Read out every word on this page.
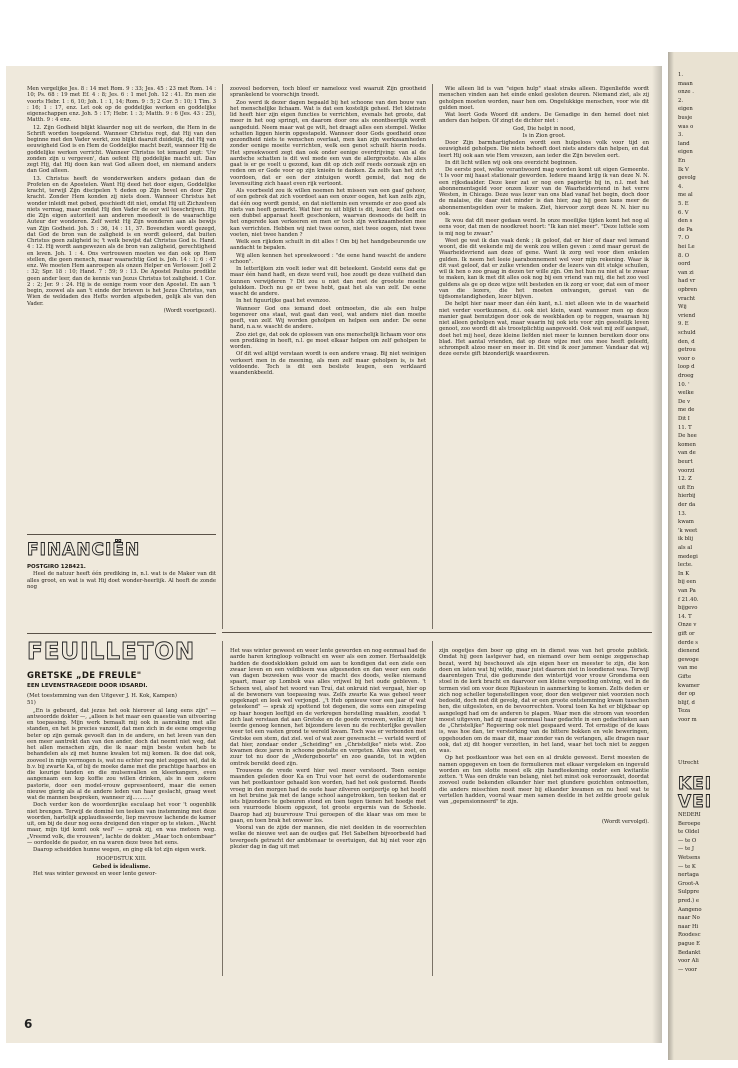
Men vergelijke Jes. 8 : 14 met Rom. 9 : 33; Jes. 45 : 23 met Rom. 14 : 10; Ps. 68 : 19 met Ef. 4 : 8; Jes. 6 : 1 met Joh. 12 : 41. En men zie voorts Hebr. 1 : 6, 10; Joh. 1 : 1, 14; Rom. 9 : 5; 2 Cor. 5 : 10; 1 Tim. 3 : 16; 1 : 17, enz. Let ook op de goddelijke werken en goddelijke eigenschappen enz. Joh. 5 : 17; Hebr. 1 : 3; Matth. 9 : 6 (Jes. 43 : 25), Matth. 9 : 4 enz.

12. Zijn Godheid blijkt klaarder nog uit de werken, die Hem in de Schrift worden toegekend. Wanneer Christus regt, dat Hij van den beginne met den Vader werkt, zoo blijkt daaruit duidelijk, dat Hij van eeuwigheid God is en Hem de Goddelijke macht bezit, wanneer Hij de goddelijke werken verricht. Wanneer Christus tot iemand zegt: 'Uw zonden zijn u vergeven', dan oefent Hij goddelijke macht uit. Dan zegt Hij, dat Hij doen kan wat God alleen doet, en niemand anders dan God alleen.

13. Christus heeft de wonderwerken anders gedaan dan de Profeten en de Apostelen. Want Hij deed het door eigen, Goddelijke kracht, terwijl Zijn discipelen 't deden op Zijn bevel en door Zijn kracht. Zonder Hem konden zij niets doen. Wanneer Christus het wonder inleidt met gebed, geschiedt dit niet, omdat Hij uit Zichzelven niets vermag, maar omdat Hij den Vader de eer wil toeschrijven. Hij die Zijn eigen autoriteit aan anderen meedeelt is de waarachtige Auteur der wonderen. Zelf werkt Hij Zijn wonderen aan als bewijs van Zijn Godheid. Joh. 5 : 36, 14 : 11, 37. Bovendien wordt gezegd, dat God de bron van de zaligheid is en wordt geleerd, dat buiten Christus geen zaligheid is; 't welk bewijst dat Christus God is. Hand. 4 : 12. Hij wordt aangewezen als de bron van zaligheid, gerechtigheid en leven. Joh. 1 : 4. Ons vertrouwen moeten we dan ook op Hem stellen, die geen mensch, maar waarachtig God is. Joh. 14 : 1; 6 : 47 enz. We moeten Hem aanroepen als onzen Helper en Verlosser. Joël 2 : 32; Spr. 18 : 10; Hand. 7 : 59; 9 : 13. De Apostel Paulus predikte geen ander leer, dan de kennis van Jezus Christus tot zaligheid. 1 Cor. 2 : 2; Jer. 9 : 24. Hij is de eenige roem voor den Apostel. En aan 't begin, zoowel als aan 't einde der brieven is het Jezus Christus, van Wien de weldaden des Hefts worden afgebeden, gelijk als van den Vader.

(Wordt voortgezet).

FINANCIËN

POSTGIRO 128421.

Heel de natuur heeft één prediking in, n.l. wat is de Maker van dit alles groot, en wat is wat Hij doet wonder-heerlijk. Al heeft de zonde nog

FEUILLETON
GRETSKE „DE FREULE"
EEN LEVENSTRAGEDIE DOOR IDSARDI.

(Met toestemming van den Uitgever J. H. Kok, Kampen)

51)

„En is gebeurd, dat jezus het ook hierover al lang eens zijn" — antwoordde dokter —, „alleen is het maar een quaestie van uitvoering en toepassing. Mijn werk bemaalt mij ook in aanraking met alle standen, en het is precies vanzelf, dat men zich in de eene omgeving beter op zijn gemak gevoelt dan in de andere, en het leven van den een meer aantrekt dan van den ander, doch dat neemt niet weg, dat het allen menschen zijn, die ik naar mijn beste weten heb te behandelen als zij met hunne kwalen tot mij komen. Ik doe dat ook, zooveel in mijn vermogen is, wat nu echter nog niet zeggen wil, dat ik b.v. bij zwarte Ka, of bij de moeke dame met die prachtige haarbos en die keurige tanden en die mulsenvallen en kleerkangers, even aangenaam een kop koffie zou willen drinken, als in een zekere pastorie, door een model-vrouw gepresenteerd, maar die eenen nieuwe gierig als al de andere leden van haar geslacht, graag weet wat de mannen bespreken, wanneer zij..........."

Doch verder kon de woordenrijke esculaap het voor 't oogenblik niet brengen. Terwijl de dominé ten teeken van instemming met deze woorden, hartelijk applaudisseerde, liep mevrouw lachende de kamer uit, om bij de deur nog eens dreigend den vinger op te steken. „Wacht maar, mijn tijd komt ook wel" — sprak zij, en was meteen weg. „Vreemd volk, die vrouwen", lachte de dokter. „Maar toch ontembaar" — oordeelde de pastor, en na waren deze twee het eens.

Daarop scheidden hunne wegen, en ging elk tot zijn eigen werk.

HOOFDSTUK XIII.

Gebed is idealisme.

Het was winter geweest en weer lente gewor-

zooveel bedorven, toch bleef er namelooz veel waaruit Zijn grootheid sprankelend te voorschijn treedt.

Zoo werd ik dezer dagen bepaald bij het schoone van den bouw van het menschelijke lichaam. Wat is dat een kostelijk geheel. Het kleinste lid heeft hier zijn eigen functies te verrichten, evenals het groote, dat meer in het oog springt, en daarom door ons als onontbeerlijk wordt aangeduid. Neem maar wat ge wilt, het draagt alles een stempel. Welke schatten liggen hierin opgestapeld. Wanneer door Gods goedheid onze gezondheid niets te wenschen overlaat, men kan zijn werkzaamheden zonder eenige moeite verrichten, welk een genot schuilt hierin reeds. Het spreekwoord zegt dan ook onder eenige overdrijving: van al de aardsche schatten is dit wel mede een van de allergrootste. Als alles gaat is er ge voelt u gezond, kan dit op zich zelf reeds oorzaak zijn en reden om er Gode voor op zijn knieën te danken. Za zelfs kan het zich voordoen, dat er een der zintuigen wordt gemist, dat nog de levensuiting zich haast even rijk vertoont.

Als voorbeeld zou ik willen noemen het missen van een gaaf gehoor, of een gebrek dat zich voordoet aan een onzer oogen, het kan zelfs zijn, dat één oog wordt gemist, en dat niettemin een vreemde er zoo goed als niets van heeft gemerkt. Wat hier nu uit blijkt is dit, lezer, dat God ons een dubbel apparaat heeft geschonken, waarvan desnoods de helft in het ongerede kan verkeeren en men er toch zijn werkzaamheden mee kan verrichten. Hebben wij niet twee ooren, niet twee oogen, niet twee voeten, niet twee handen ?

Welk een rijkdom schuilt in dit alles ! Om bij het handgebeurende uw aandacht te bepalen.

Wij allen kennen het spreekwoord : "de eene hand wascht de andere schoon".

In letterlijken zin voelt ieder wat dit beteekent. Gesteld eens dat ge maar één hand hadt, en deze werd vuil, hoe zoudt ge deze vuilheid dan kunnen verwijderen ? Dit zou u niet dan met de grootste moeite gelukken. Doch nu ge er twee hebt, gaat het als van zelf. De eene wascht de andere.

In het figuurlijke gaat het evenzoo.

Wanneer God ons iemand doet ontmoeten, die als een hulpe tegenover ons staat, wat gaat dan veel, wat anders niet dan moeite geeft, van zelf. Wij worden geholpen en helpen een ander. De eene hand, n.a.w. wascht de andere.

Zoo ziet ge, dat ook de oplossen van ons menschelijk lichaam voor ons een prediking in heeft, n.l. ge moet elkaar helpen om zelf geholpen te worden.

Of dit wel altijd verstaan wordt is een andere vraag. Bij niet weinigen verkeert men in de meening, als men zelf maar geholpen is, is het voldoende. Toch is dit een besliste leugen, een verklaard waandenkbeeld.

Het was winter geweest en weer lente geworden en nog eenmaal had de aarde haren kringloop volbracht en weer als een zomer. Herhaaldelijk hadden de doodsklokken geluid om aan te kondigen dat een ziele een zwaar leven en een veldbloem was afgesneden en dan weer een oude van dagen bezweken was voor de macht des doods, welke niemand spaart, maar op Lombok was alles vrijwel bij het oude gebleven. 't Scheen wel, alsof het woord van Truí, dat onkruid niet vergaat, hier op al de bewoners van toepassing was. Zelfs zwarte Ka was geheel weer opgeknapt en leek wel verjongd. „'t Heb opnieuw voor een jaar of wat geteekend" — sprak zij spottend tot degenen, die soms een zinspeling op haar hoogen leeftijd en de verkregen herstelling maakten, zoodat 't zich laat verstaan dat aan Gretske en de goede vrouwen, welke zij hier leerde genoeg kennen, het bijzondere leven nu de rechterlijke gevallen weer tot een vasten grond te wereld kwam. Toch was er verbonden met Gretske een stem, dat ziel. wel of wat zeer gewenscht — verteld werd of dat hier, zondaar onder „Scheiding" en „Christelijke" niets wist. Zoo kwamen deze jaren in schoone gestalte en vergeten. Alles was zoet, en zuur tot nu door de „Wedergeboorte" en zoo gaande, tot in wijden omtrek bereikt deed zijn.

Trouwens de vrede werd hier wel meer verstoord. Toen eenige maanden geleden door Ka en Truí voor het eerst de ouderdomsrente van het postkantoor gehaald kon worden, had het ook gestormd. Reeds vroeg in den morgen had de oude haar zilveren oorijzertje op het hoofd en het bruine jak met de lange school aangetrokken, ten teeken dat er iets bijzonders te gebeuren stond en toen tegen tienen het hoedje met een vuurroode bloem opgezet, tot groote ergernis van de Scheele. Daarop had zij buurvrouw Truí geroepen of die klaar was om mee te gaan, en toen brak het onweer los.

Vooral van de zijde der mannen, die niet deelden in de voorrechten welke de nieuwe wet aan de oudjes gaf. Het Sabelhen bijvoorbeeld had tevergeefs getracht der ambtenaar te overtuigen, dat hij niet voor zijn plezier dag in dag uit met

Wie alleen lid is van "eigen hulp" staat straks alleen. Eigenliefde wordt menschen vinden aan het einde enkel gesloten deuren. Niemand ziet, als zij geholpen moeten worden, naar hen om. Ongelukkige menschen, voor wie dit gulden moet.

Wat leert Gods Woord dit anders. De Genadige in den hemel doet niet anders dan helpen. Of zingt de dichter niet :

God, Die helpt in nood,

Is in Zion groot.

Door Zijn barmhartigheden wordt een hulpeloos volk voor tijd en eeuwigheid geholpen. Die niets behoeft doet niets anders dan helpen, en dat leert Hij ook aan wie Hem vreezen, aan ieder die Zijn bevelen eert.

In dit licht willen wij ook ons overzicht beginnen.

De eerste post, welke verantwoord mag worden komt uit eigen Gemeente. 't Is voor mij haast stationair geworden. Iedere maand krijg ik van deze N. N. een rijksdaalder. Deze keer zat er nog een papiertje bij in, n.l. met het abonnementsgeld voor onzen lezer van de Waarheidsvriend in het verre Westen, in Chicago. Deze was lezer van ons blad vanaf het begin, doch door de malaise, die daar niet minder is dan hier, zag hij geen kans meer de abonnementsgelden over te maken. Ziet, hiervoor zorgt deze N. N. hier nu ook.

Ik wou dat dit meer gedaan werd. In onze moeilijke tijden komt het nog al eens voor, dat men de noodkreet hoort: "Ik kan niet meer". "Deze luttele som is mij nog te zwaar."

Weet ge wat ik dan vaak denk ; ik geloof, dat er hier of daar wel iemand woont, die dit wekende mij de wenk zou willen geven : zend maar gerust de Waarheidsvriend aan deze of gene. Want ik zorg wel voor dien enkelen gulden. Ik neem het leeie jaarabonnement wel voor mijn rekening. Waar ik dit vast geloof, dat er zulke vrienden onder de lezers van dit stukje schuilen, wil ik hen o zoo graag in dezen ter wille zijn. Om het hun nu niet al te zwaar te maken, kan ik met dit alles ook nog bij een vriend van mij, die het zoo veel guldens als ge op deze wijze wilt besteden en ik zorg er voor, dat een of meer van die lezers, die het moeten ontvangen, gerust van de tijdsomstandigheden, lezer blijven.

De helpt hier naar meer dan één kant, n.l. niet alleen wie in de waarheid niet verder voortkunnen, d.i. ook niet klein, want wanneer men op deze manier gaat benutzigen door ook de weekbladen op te reggen, waaraan hij niet alleen geholpen wat, maar waarin hij ook iets voor zijn geestelijk leven genoot, zoo wordt dit als troostplichtig aangevoeld. Ook wat mij zelf aangaat, doet het mij heel, deze kleine liefden niet meer te kunnen bereiken door ons blad. Het aantal vrienden, dat op deze wijze met ons mee heeft geleefd, schrompelt alzoo meer en meer in. Dit vind ik zeer jammer. Vandaar dat wij deze eerste gift bizonderlijk waardeeren.

zijn oogetjes den boer op ging en in dienst was van het groote publiek. Omdat hij geen lastgever had, en niemand over hem eenige zeggenschap bezat, werd hij beschouwd als zijn eigen heer en meester te zijn, die kon doen en laten wat hij wilde, maar juist daarom niet in loondienst was. Terwijl daarentegen Truí, die gedurende den wintertijd voor vrouw Grondsma een stoel in de kerk bracht en daarvoor een kleine vergoeding ontving, wel in de termen viel om voor deze Rijkssteun in aanmerking te komen. Zelfs deden er zich nog scheller tegenstellingen voor, door den wetgever niet voorzien noch bedoeld, doch met dit gevolg, dat er een groote ontstemming kwam tusschen hen, die uitgesloten, en de bevoorrechten. Vooral toen Ka het er blijkbaar op aangelegd had om de anderen te plagen. Waar men die stroom van woorden moest uitgeven, had zij maar eenmaal haar gedachte in een gedachteken aan de „Christelijke" Regeering ook niet gespaard werd. Tot ernstige of de kaas is, was hoe dan, ter versterking van de bittere bokken en vele beweringen, opgehouden om de maar dit, maar zonder van de verlangen, alle dragen naar ook, dat zij dit hooger verzetten, in het land, waar het toch niet te zeggen was.

Op het postkantoor was het een en al drukte geweest. Eerst moesten de namen opgegeven en toen de formulieren met elkaar vergeleken en ingevuld worden en ten slotte moest elk zijn handteekening onder een kwitantie zetten. 't Was een drukte van belang, niet het minst ook veroorzaakt, doordat zooveel oude bekenden elkander hier met glundere gezichten ontmoetten, die anders misschien nooit meer bij elkander kwamen en nu heel wat te vertellen hadden, vooral waar men samen deelde in het zelfde groote geluk van „gepensionneerd" te zijn.

(Wordt vervolgd).

6
1.
maan
onze .
2.
eigen
busje
was o
3.
land
eigen
En
Ik V
gevolg
4.
me al
5. E
6. V
den s
de Pa
7. O
hei Le
8. O
oord
van zi
had vr
opbren
vracht
Wij
vriend
9. E
schuld
den, d
getrou
voor o
loop d
droeg
10. '
welke
De v
me de
Dit I
11. T
De hee
komen
van de
beurt
voorzi
12. Z
uit En
hierbij
der da
13.
kwam
'k weet
ik blij
als al
medegi
lecte.
In K
bij een
van Pa
f 21.40.
bijgevo
14. T
Onze v
gift or
derde s
dienend
gewoge
van me
Gifte
kwamer
der op
blijf, d
Teza
voor m
Utrecht
KEI
VEI
NEDERI
Beroepe
te Oldel
— te O
— te J
Wetsens
— te K
nertaga
Groot-A
Sulppre
pred.) e
Aangeno
naar No
naar Hi
Roodesc
pague E
Bedankt
voor Ali
— voor
